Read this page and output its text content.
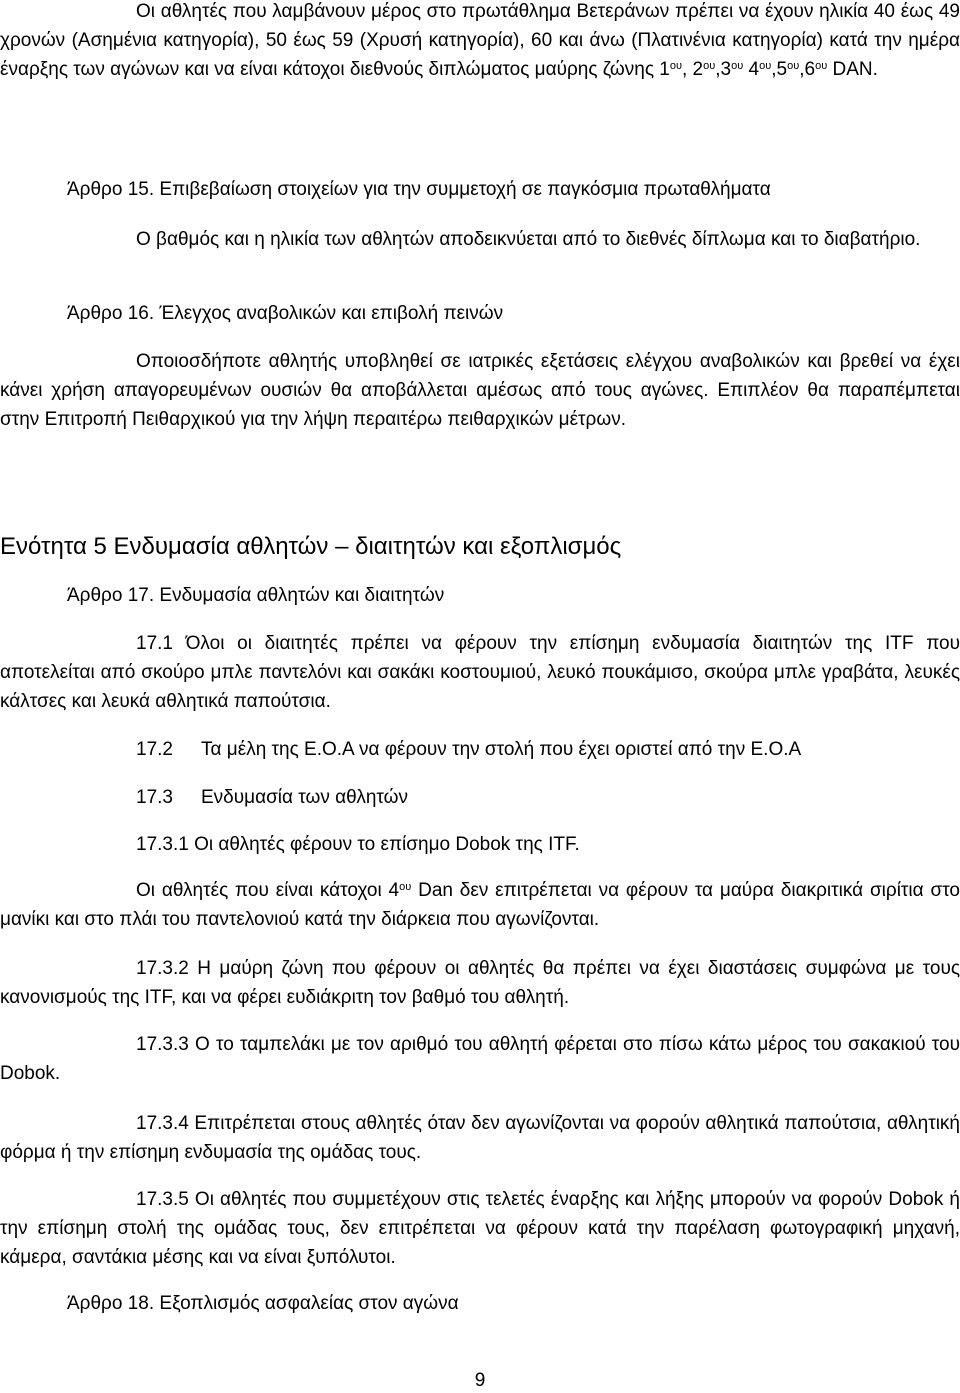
Οι αθλητές που λαμβάνουν μέρος στο πρωτάθλημα Βετεράνων πρέπει να έχουν ηλικία 40 έως 49 χρονών (Ασημένια κατηγορία), 50 έως 59 (Χρυσή κατηγορία), 60 και άνω (Πλατινένια κατηγορία) κατά την ημέρα έναρξης των αγώνων και να είναι κάτοχοι διεθνούς διπλώματος μαύρης ζώνης $1^{o\upsilon}$, $2^{o\upsilon},3^{o\upsilon}$ $4^{o\upsilon},5^{o\upsilon},6^{o\upsilon}$ DAN.
Άρθρο 15. Επιβεβαίωση στοιχείων για την συμμετοχή σε παγκόσμια πρωταθλήματα
Ο βαθμός και η ηλικία των αθλητών αποδεικνύεται από το διεθνές δίπλωμα και το διαβατήριο.
Άρθρο 16. Έλεγχος αναβολικών και επιβολή πεινών
Οποιοσδήποτε αθλητής υποβληθεί σε ιατρικές εξετάσεις ελέγχου αναβολικών και βρεθεί να έχει κάνει χρήση απαγορευμένων ουσιών θα αποβάλλεται αμέσως από τους αγώνες. Επιπλέον θα παραπέμπεται στην Επιτροπή Πειθαρχικού για την λήψη περαιτέρω πειθαρχικών μέτρων.
Ενότητα 5 Ενδυμασία αθλητών – διαιτητών και εξοπλισμός
Άρθρο 17. Ενδυμασία αθλητών και διαιτητών
17.1 Όλοι οι διαιτητές πρέπει να φέρουν την επίσημη ενδυμασία διαιτητών της ITF που αποτελείται από σκούρο μπλε παντελόνι και σακάκι κοστουμιού, λευκό πουκάμισο, σκούρα μπλε γραβάτα, λευκές κάλτσες και λευκά αθλητικά παπούτσια.
17.2 Τα μέλη της Ε.Ο.Α να φέρουν την στολή που έχει οριστεί από την Ε.Ο.Α
17.3 Ενδυμασία των αθλητών
17.3.1 Οι αθλητές φέρουν το επίσημο Dobok της ITF.
Οι αθλητές που είναι κάτοχοι $4^{o\upsilon}$ Dan δεν επιτρέπεται να φέρουν τα μαύρα διακριτικά σιρίτια στο μανίκι και στο πλάι του παντελονιού κατά την διάρκεια που αγωνίζονται.
17.3.2 Η μαύρη ζώνη που φέρουν οι αθλητές θα πρέπει να έχει διαστάσεις συμφώνα με τους κανονισμούς της ITF, και να φέρει ευδιάκριτη τον βαθμό του αθλητή.
17.3.3 Ο το ταμπελάκι με τον αριθμό του αθλητή φέρεται στο πίσω κάτω μέρος του σακακιού του Dobok.
17.3.4 Επιτρέπεται στους αθλητές όταν δεν αγωνίζονται να φορούν αθλητικά παπούτσια, αθλητική φόρμα ή την επίσημη ενδυμασία της ομάδας τους.
17.3.5 Οι αθλητές που συμμετέχουν στις τελετές έναρξης και λήξης μπορούν να φορούν Dobok ή την επίσημη στολή της ομάδας τους, δεν επιτρέπεται να φέρουν κατά την παρέλαση φωτογραφική μηχανή, κάμερα, σαντάκια μέσης και να είναι ξυπόλυτοι.
Άρθρο 18. Εξοπλισμός ασφαλείας στον αγώνα
9
